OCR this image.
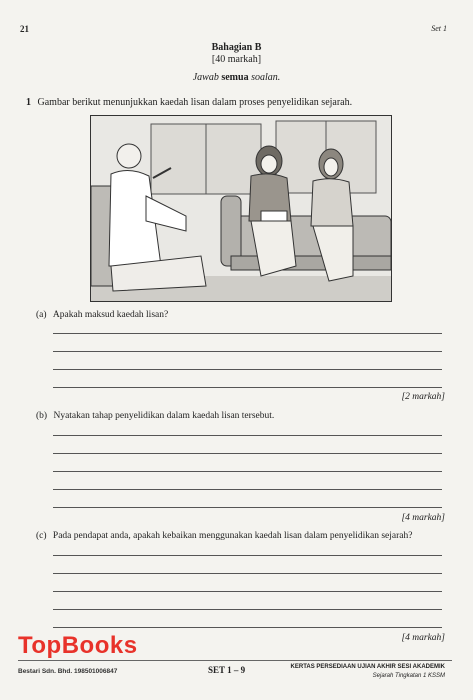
21	Set 1
Bahagian B
[40 markah]
Jawab semua soalan.
1 Gambar berikut menunjukkan kaedah lisan dalam proses penyelidikan sejarah.
(a) Apakah maksud kaedah lisan?
[2 markah]
(b) Nyatakan tahap penyelidikan dalam kaedah lisan tersebut.
[4 markah]
(c) Pada pendapat anda, apakah kebaikan menggunakan kaedah lisan dalam penyelidikan sejarah?
[4 markah]
TopBooks
Bestari Sdn. Bhd. 198501006847	SET 1 – 9	KERTAS PERSEDIAAN UJIAN AKHIR SESI AKADEMIK
Sejarah Tingkatan 1 KSSM
